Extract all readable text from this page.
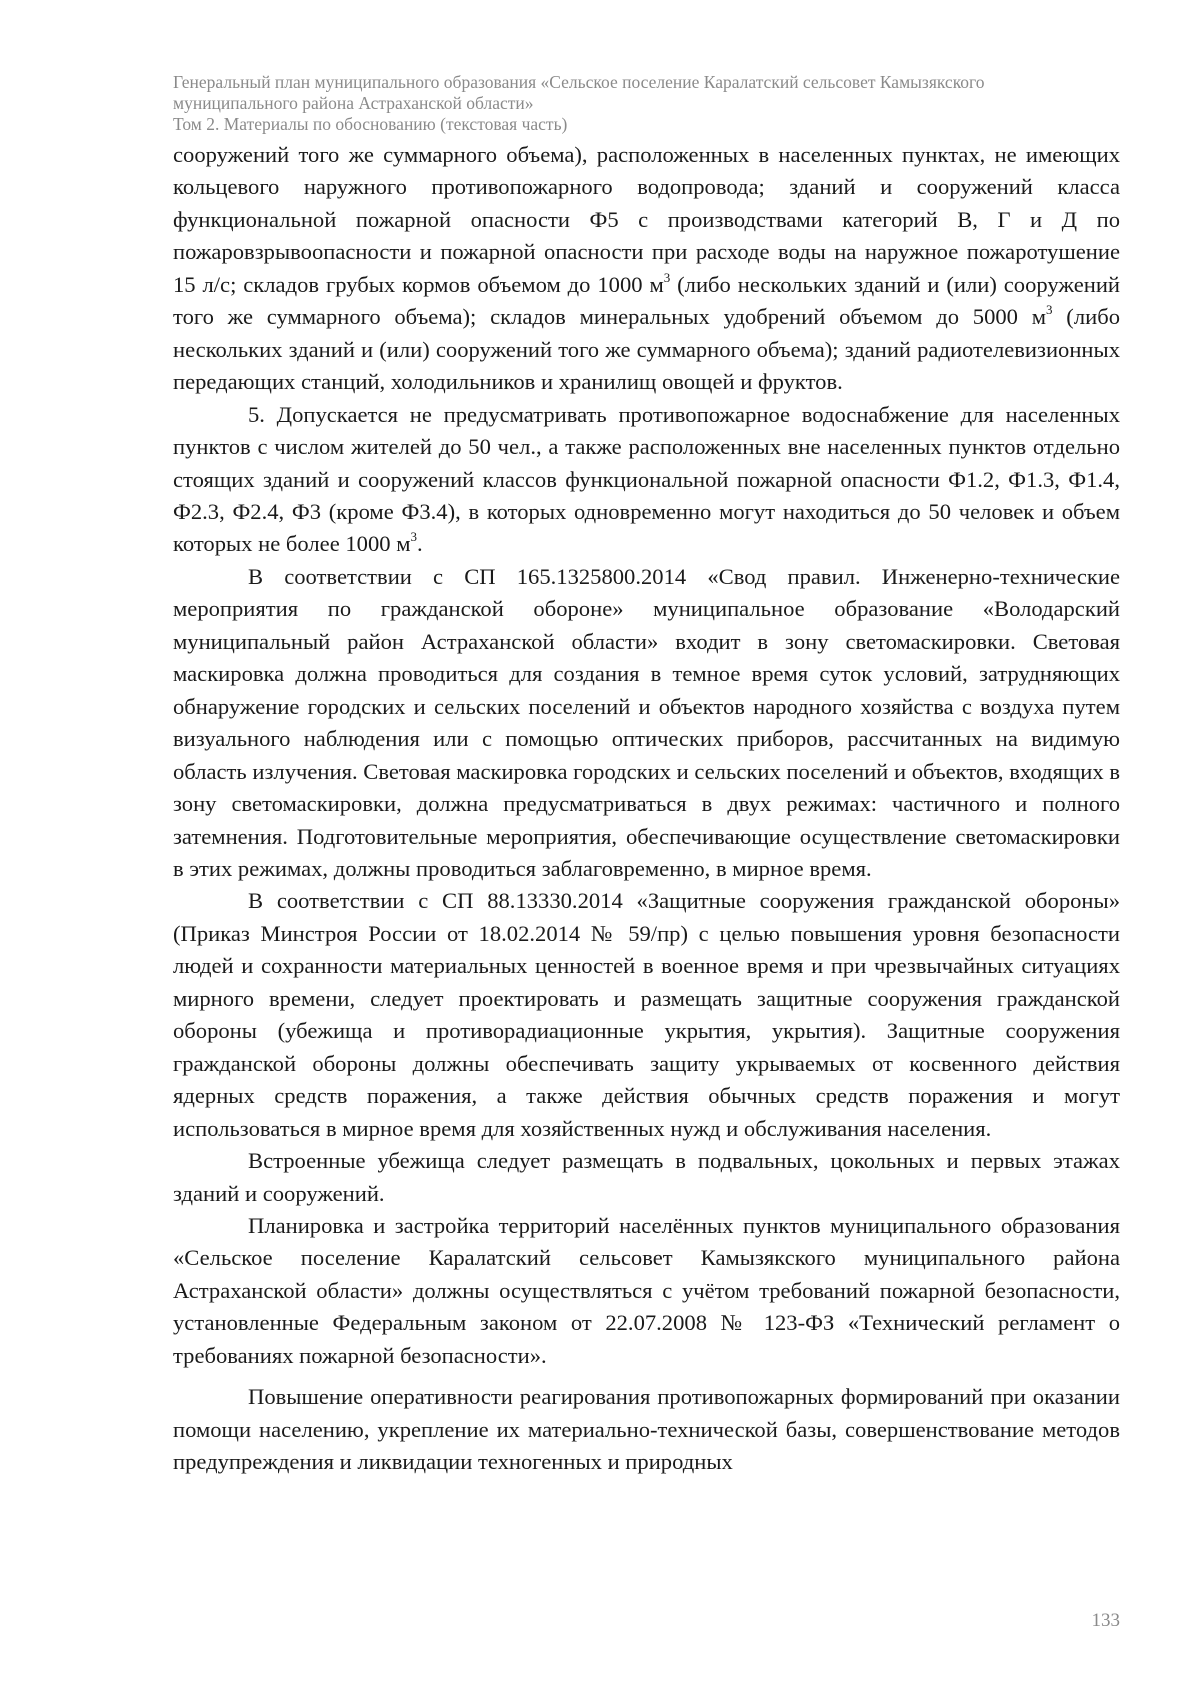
Генеральный план муниципального образования «Сельское поселение Каралатский сельсовет Камызякского
муниципального района Астраханской области»
Том 2. Материалы по обоснованию (текстовая часть)

сооружений того же суммарного объема), расположенных в населенных пунктах, не имеющих кольцевого наружного противопожарного водопровода; зданий и сооружений класса функциональной пожарной опасности Ф5 с производствами категорий В, Г и Д по пожаровзрывоопасности и пожарной опасности при расходе воды на наружное пожаротушение 15 л/с; складов грубых кормов объемом до 1000 $м^3$ (либо нескольких зданий и (или) сооружений того же суммарного объема); складов минеральных удобрений объемом до 5000 $м^3$ (либо нескольких зданий и (или) сооружений того же суммарного объема); зданий радиотелевизионных передающих станций, холодильников и хранилищ овощей и фруктов.

5. Допускается не предусматривать противопожарное водоснабжение для населенных пунктов с числом жителей до 50 чел., а также расположенных вне населенных пунктов отдельно стоящих зданий и сооружений классов функциональной пожарной опасности Ф1.2, Ф1.3, Ф1.4, Ф2.3, Ф2.4, Ф3 (кроме Ф3.4), в которых одновременно могут находиться до 50 человек и объем которых не более 1000 $м^3$.

В соответствии с СП 165.1325800.2014 «Свод правил. Инженерно-технические мероприятия по гражданской обороне» муниципальное образование «Володарский муниципальный район Астраханской области» входит в зону светомаскировки. Световая маскировка должна проводиться для создания в темное время суток условий, затрудняющих обнаружение городских и сельских поселений и объектов народного хозяйства с воздуха путем визуального наблюдения или с помощью оптических приборов, рассчитанных на видимую область излучения. Световая маскировка городских и сельских поселений и объектов, входящих в зону светомаскировки, должна предусматриваться в двух режимах: частичного и полного затемнения. Подготовительные мероприятия, обеспечивающие осуществление светомаскировки в этих режимах, должны проводиться заблаговременно, в мирное время.

В соответствии с СП 88.13330.2014 «Защитные сооружения гражданской обороны» (Приказ Минстроя России от 18.02.2014 № 59/пр) с целью повышения уровня безопасности людей и сохранности материальных ценностей в военное время и при чрезвычайных ситуациях мирного времени, следует проектировать и размещать защитные сооружения гражданской обороны (убежища и противорадиационные укрытия, укрытия). Защитные сооружения гражданской обороны должны обеспечивать защиту укрываемых от косвенного действия ядерных средств поражения, а также действия обычных средств поражения и могут использоваться в мирное время для хозяйственных нужд и обслуживания населения.

Встроенные убежища следует размещать в подвальных, цокольных и первых этажах зданий и сооружений.

Планировка и застройка территорий населённых пунктов муниципального образования «Сельское поселение Каралатский сельсовет Камызякского муниципального района Астраханской области» должны осуществляться с учётом требований пожарной безопасности, установленные Федеральным законом от 22.07.2008 № 123-ФЗ «Технический регламент о требованиях пожарной безопасности».

Повышение оперативности реагирования противопожарных формирований при оказании помощи населению, укрепление их материально-технической базы, совершенствование методов предупреждения и ликвидации техногенных и природных

133
